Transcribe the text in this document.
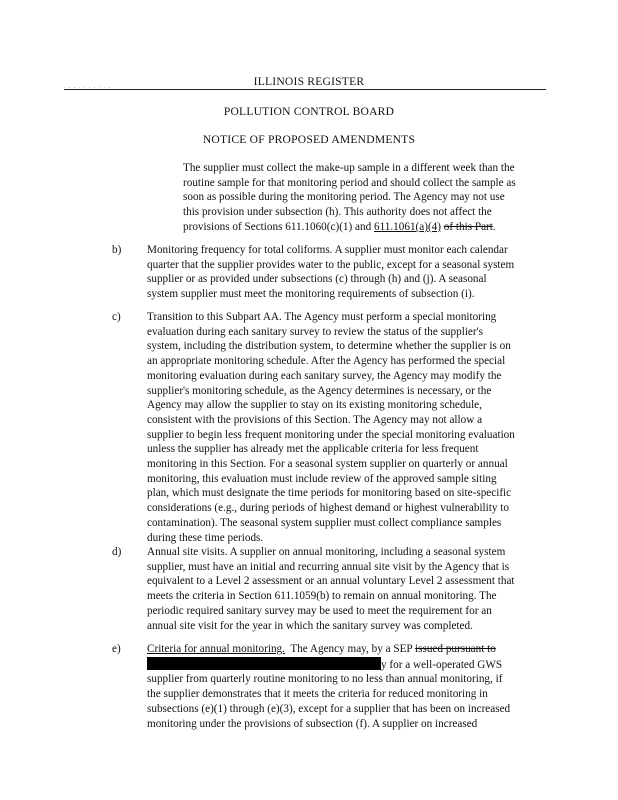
ILLINOIS REGISTER
· · · · · · · · · ·
POLLUTION CONTROL BOARD
NOTICE OF PROPOSED AMENDMENTS
The supplier must collect the make-up sample in a different week than the
routine sample for that monitoring period and should collect the sample as
soon as possible during the monitoring period. The Agency may not use
this provision under subsection (h). This authority does not affect the
provisions of Sections 611.1060(c)(1) and 611.1061(a)(4) of this Part.
b) Monitoring frequency for total coliforms. A supplier must monitor each calendar
quarter that the supplier provides water to the public, except for a seasonal system
supplier or as provided under subsections (c) through (h) and (j). A seasonal
system supplier must meet the monitoring requirements of subsection (i).
c) Transition to this Subpart AA. The Agency must perform a special monitoring
evaluation during each sanitary survey to review the status of the supplier's
system, including the distribution system, to determine whether the supplier is on
an appropriate monitoring schedule. After the Agency has performed the special
monitoring evaluation during each sanitary survey, the Agency may modify the
supplier's monitoring schedule, as the Agency determines is necessary, or the
Agency may allow the supplier to stay on its existing monitoring schedule,
consistent with the provisions of this Section. The Agency may not allow a
supplier to begin less frequent monitoring under the special monitoring evaluation
unless the supplier has already met the applicable criteria for less frequent
monitoring in this Section. For a seasonal system supplier on quarterly or annual
monitoring, this evaluation must include review of the approved sample siting
plan, which must designate the time periods for monitoring based on site-specific
considerations (e.g., during periods of highest demand or highest vulnerability to
contamination). The seasonal system supplier must collect compliance samples
during these time periods.
d) Annual site visits. A supplier on annual monitoring, including a seasonal system
supplier, must have an initial and recurring annual site visit by the Agency that is
equivalent to a Level 2 assessment or an annual voluntary Level 2 assessment that
meets the criteria in Section 611.1059(b) to remain on annual monitoring. The
periodic required sanitary survey may be used to meet the requirement for an
annual site visit for the year in which the sanitary survey was completed.
e) Criteria for annual monitoring.  The Agency may, by a SEP issued pursuant to
y for a well-operated GWS
supplier from quarterly routine monitoring to no less than annual monitoring, if
the supplier demonstrates that it meets the criteria for reduced monitoring in
subsections (e)(1) through (e)(3), except for a supplier that has been on increased
monitoring under the provisions of subsection (f). A supplier on increased
